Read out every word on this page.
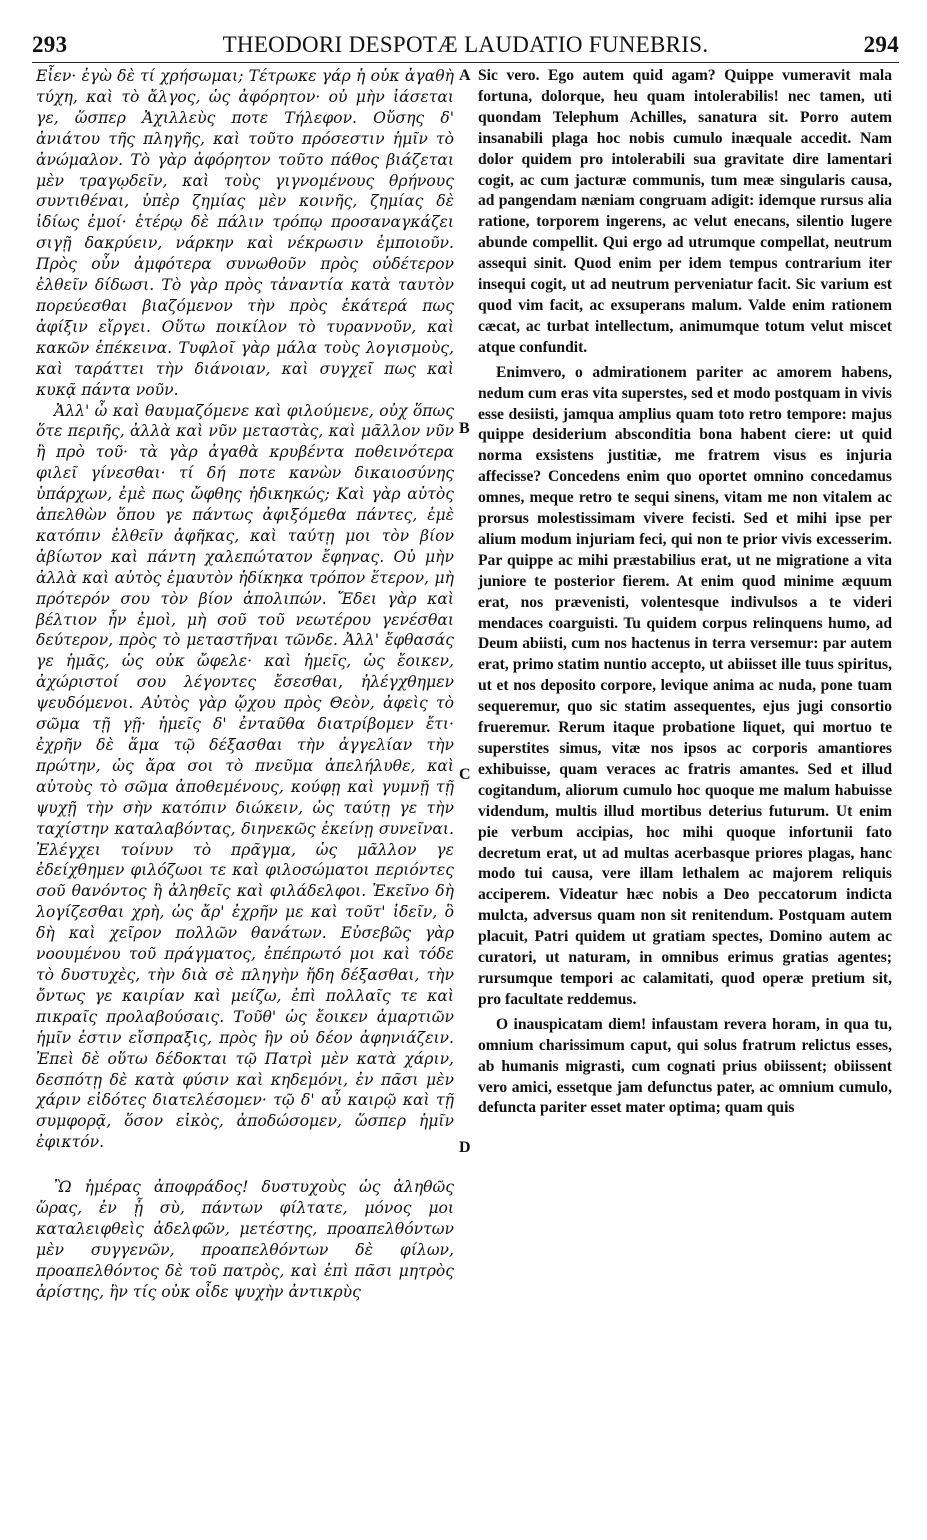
293	THEODORI DESPOTÆ LAUDATIO FUNEBRIS.	294

Εἶεν· ἐγὼ δὲ τί χρήσωμαι; Τέτρωκε γάρ ἡ οὐκ ἀγαθὴ τύχη, καὶ τὸ ἄλγος, ὡς ἀφόρητον· οὐ μὴν ἰάσεται γε, ὥσπερ Ἀχιλλεὺς ποτε Τήλεφον. Οὔσης δ' ἀνιάτου τῆς πληγῆς, καὶ τοῦτο πρόσεστιν ἡμῖν τὸ ἀνώμαλον. Τὸ γὰρ ἀφόρητον τοῦτο πάθος βιάζεται μὲν τραγῳδεῖν, καὶ τοὺς γιγνομένους θρήνους συντιθέναι, ὑπὲρ ζημίας μὲν κοινῆς, ζημίας δὲ ἰδίως ἐμοί· ἑτέρῳ δὲ πάλιν τρόπῳ προσαναγκάζει σιγῇ δακρύειν, νάρκην καὶ νέκρωσιν ἐμποιοῦν. Πρὸς οὖν ἀμφότερα συνωθοῦν πρὸς οὐδέτερον ἐλθεῖν δίδωσι. Τὸ γὰρ πρὸς τἀναντία κατὰ ταυτὸν πορεύεσθαι βιαζόμενον τὴν πρὸς ἑκάτερά πως ἀφίξιν εἴργει. Οὕτω ποικίλον τὸ τυραννοῦν, καὶ κακῶν ἐπέκεινα. Τυφλοῖ γὰρ μάλα τοὺς λογισμοὺς, καὶ ταράττει τὴν διάνοιαν, καὶ συγχεῖ πως καὶ κυκᾷ πάντα νοῦν.

Ἀλλ' ὦ καὶ θαυμαζόμενε καὶ φιλούμενε, οὐχ ὅπως ὅτε περιῆς, ἀλλὰ καὶ νῦν μεταστὰς, καὶ μᾶλλον νῦν ἢ πρὸ τοῦ· τὰ γὰρ ἀγαθὰ κρυβέντα ποθεινότερα φιλεῖ γίνεσθαι· τί δή ποτε κανὼν δικαιοσύνης ὑπάρχων, ἐμὲ πως ὤφθης ἠδικηκώς; Καὶ γὰρ αὐτὸς ἀπελθὼν ὅπου γε πάντως ἀφιξόμεθα πάντες, ἐμὲ κατόπιν ἐλθεῖν ἀφῆκας, καὶ ταύτῃ μοι τὸν βίον ἀβίωτον καὶ πάντη χαλεπώτατον ἔφηνας. Οὐ μὴν ἀλλὰ καὶ αὐτὸς ἐμαυτὸν ἠδίκηκα τρόπον ἕτερον, μὴ πρότερόν σου τὸν βίον ἀπολιπών. Ἔδει γὰρ καὶ βέλτιον ἦν ἐμοὶ, μὴ σοῦ τοῦ νεωτέρου γενέσθαι δεύτερον, πρὸς τὸ μεταστῆναι τῶνδε. Ἀλλ' ἔφθασάς γε ἡμᾶς, ὡς οὐκ ὤφελε· καὶ ἡμεῖς, ὡς ἔοικεν, ἀχώριστοί σου λέγοντες ἔσεσθαι, ἠλέγχθημεν ψευδόμενοι. Αὐτὸς γὰρ ᾤχου πρὸς Θεὸν, ἀφεὶς τὸ σῶμα τῇ γῇ· ἡμεῖς δ' ἐνταῦθα διατρίβομεν ἔτι· ἐχρῆν δὲ ἅμα τῷ δέξασθαι τὴν ἀγγελίαν τὴν πρώτην, ὡς ἄρα σοι τὸ πνεῦμα ἀπελήλυθε, καὶ αὐτοὺς τὸ σῶμα ἀποθεμένους, κούφῃ καὶ γυμνῇ τῇ ψυχῇ τὴν σὴν κατόπιν διώκειν, ὡς ταύτῃ γε τὴν ταχίστην καταλαβόντας, διηνεκῶς ἐκείνῃ συνεῖναι. Ἐλέγχει τοίνυν τὸ πρᾶγμα, ὡς μᾶλλον γε ἐδείχθημεν φιλόζωοι τε καὶ φιλοσώματοι περιόντες σοῦ θανόντος ἢ ἀληθεῖς καὶ φιλάδελφοι. Ἐκεῖνο δὴ λογίζεσθαι χρὴ, ὡς ἄρ' ἐχρῆν με καὶ τοῦτ' ἰδεῖν, ὃ δὴ καὶ χεῖρον πολλῶν θανάτων. Εὐσεβῶς γὰρ νοουμένου τοῦ πράγματος, ἐπέπρωτό μοι καὶ τόδε τὸ δυστυχὲς, τὴν διὰ σὲ πληγὴν ἤδη δέξασθαι, τὴν ὄντως γε καιρίαν καὶ μείζω, ἐπὶ πολλαῖς τε καὶ πικραῖς προλαβούσαις. Τοῦθ' ὡς ἔοικεν ἁμαρτιῶν ἡμῖν ἐστιν εἴσπραξις, πρὸς ἣν οὐ δέον ἀφηνιάζειν. Ἐπεὶ δὲ οὕτω δέδοκται τῷ Πατρὶ μὲν κατὰ χάριν, δεσπότῃ δὲ κατὰ φύσιν καὶ κηδεμόνι, ἐν πᾶσι μὲν χάριν εἰδότες διατελέσομεν· τῷ δ' αὖ καιρῷ καὶ τῇ συμφορᾷ, ὅσον εἰκὸς, ἀποδώσομεν, ὥσπερ ἡμῖν ἐφικτόν.

Ὢ ἡμέρας ἀποφράδος! δυστυχοὺς ὡς ἀληθῶς ὥρας, ἐν ᾗ σὺ, πάντων φίλτατε, μόνος μοι καταλειφθεὶς ἀδελφῶν, μετέστης, προαπελθόντων μὲν συγγενῶν, προαπελθόντων δὲ φίλων, προαπελθόντος δὲ τοῦ πατρὸς, καὶ ἐπὶ πᾶσι μητρὸς ἀρίστης, ἣν τίς οὐκ οἶδε ψυχὴν ἀντικρὺς

Sic vero. Ego autem quid agam? Quippe vumeravit mala fortuna, dolorque, heu quam intolerabilis! nec tamen, uti quondam Telephum Achilles, sanatura sit. Porro autem insanabili plaga hoc nobis cumulo inæquale accedit. Nam dolor quidem pro intolerabili sua gravitate dire lamentari cogit, ac cum jacturæ communis, tum meæ singularis causa, ad pangendam næniam congruam adigit: idemque rursus alia ratione, torporem ingerens, ac velut enecans, silentio lugere abunde compellit. Qui ergo ad utrumque compellat, neutrum assequi sinit. Quod enim per idem tempus contrarium iter insequi cogit, ut ad neutrum perveniatur facit. Sic varium est quod vim facit, ac exsuperans malum. Valde enim rationem cæcat, ac turbat intellectum, animumque totum velut miscet atque confundit.

Enimvero, o admirationem pariter ac amorem habens, nedum cum eras vita superstes, sed et modo postquam in vivis esse desiisti, jamqua amplius quam toto retro tempore: majus quippe desiderium absconditia bona habent ciere: ut quid norma exsistens justitiæ, me fratrem visus es injuria affecisse? Concedens enim quo oportet omnino concedamus omnes, meque retro te sequi sinens, vitam me non vitalem ac prorsus molestissimam vivere fecisti. Sed et mihi ipse per alium modum injuriam feci, qui non te prior vivis excesserim. Par quippe ac mihi præstabilius erat, ut ne migratione a vita juniore te posterior fierem. At enim quod minime æquum erat, nos prævenisti, volentesque indivulsos a te videri mendaces coarguisti. Tu quidem corpus relinquens humo, ad Deum abiisti, cum nos hactenus in terra versemur: par autem erat, primo statim nuntio accepto, ut abiisset ille tuus spiritus, ut et nos deposito corpore, levique anima ac nuda, pone tuam sequeremur, quo sic statim assequentes, ejus jugi consortio frueremur. Rerum itaque probatione liquet, qui mortuo te superstites simus, vitæ nos ipsos ac corporis amantiores exhibuisse, quam veraces ac fratris amantes. Sed et illud cogitandum, aliorum cumulo hoc quoque me malum habuisse videndum, multis illud mortibus deterius futurum. Ut enim pie verbum accipias, hoc mihi quoque infortunii fato decretum erat, ut ad multas acerbasque priores plagas, hanc modo tui causa, vere illam lethalem ac majorem reliquis acciperem. Videatur hæc nobis a Deo peccatorum indicta mulcta, adversus quam non sit renitendum. Postquam autem placuit, Patri quidem ut gratiam spectes, Domino autem ac curatori, ut naturam, in omnibus erimus gratias agentes; rursumque tempori ac calamitati, quod operæ pretium sit, pro facultate reddemus.

O inauspicatam diem! infaustam revera horam, in qua tu, omnium charissimum caput, qui solus fratrum relictus esses, ab humanis migrasti, cum cognati prius obiissent; obiissent vero amici, essetque jam defunctus pater, ac omnium cumulo, defuncta pariter esset mater optima; quam quis

A
B
C
D
